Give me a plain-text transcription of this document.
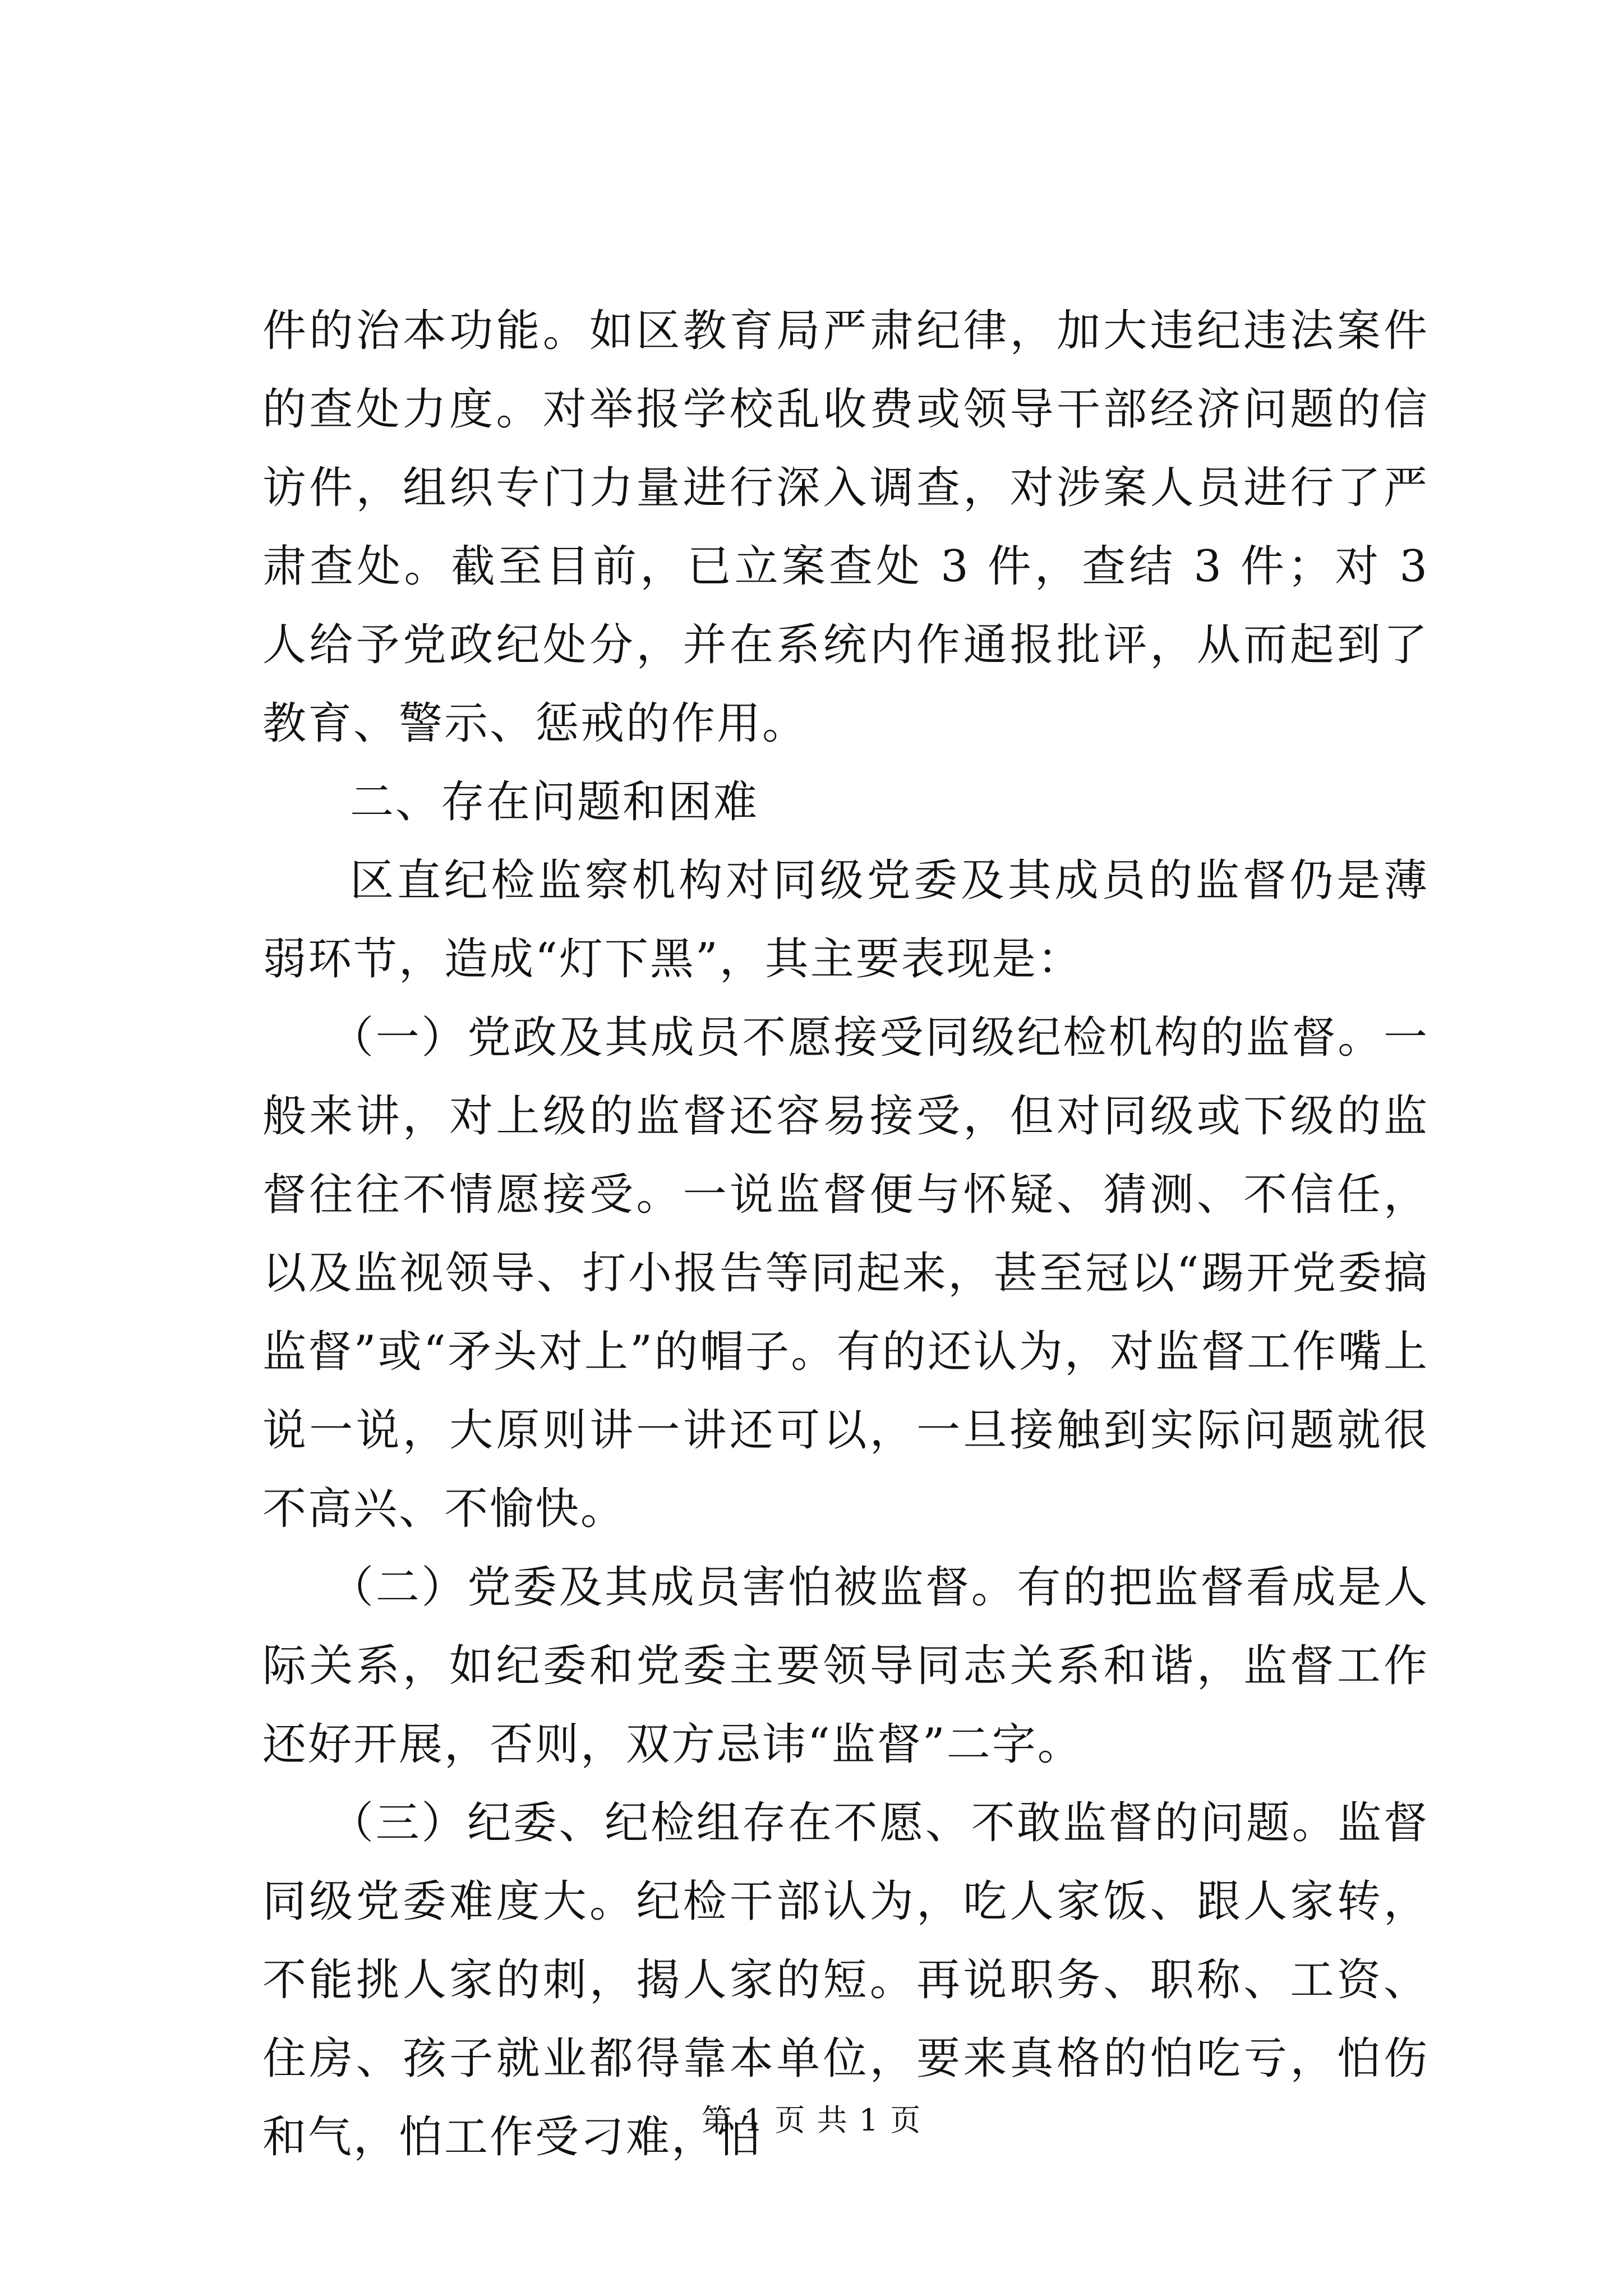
件的治本功能。如区教育局严肃纪律，加大违纪违法案件的查处力度。对举报学校乱收费或领导干部经济问题的信访件，组织专门力量进行深入调查，对涉案人员进行了严肃查处。截至目前，已立案查处 3 件，查结 3 件；对 3 人给予党政纪处分，并在系统内作通报批评，从而起到了教育、警示、惩戒的作用。

二、存在问题和困难

区直纪检监察机构对同级党委及其成员的监督仍是薄弱环节，造成“灯下黑”，其主要表现是：

（一）党政及其成员不愿接受同级纪检机构的监督。一般来讲，对上级的监督还容易接受，但对同级或下级的监督往往不情愿接受。一说监督便与怀疑、猜测、不信任，以及监视领导、打小报告等同起来，甚至冠以“踢开党委搞监督”或“矛头对上”的帽子。有的还认为，对监督工作嘴上说一说，大原则讲一讲还可以，一旦接触到实际问题就很不高兴、不愉快。

（二）党委及其成员害怕被监督。有的把监督看成是人际关系，如纪委和党委主要领导同志关系和谐，监督工作还好开展，否则，双方忌讳“监督”二字。

（三）纪委、纪检组存在不愿、不敢监督的问题。监督同级党委难度大。纪检干部认为，吃人家饭、跟人家转，不能挑人家的刺，揭人家的短。再说职务、职称、工资、住房、孩子就业都得靠本单位，要来真格的怕吃亏，怕伤和气，怕工作受刁难，怕

第 1 页 共 1 页
